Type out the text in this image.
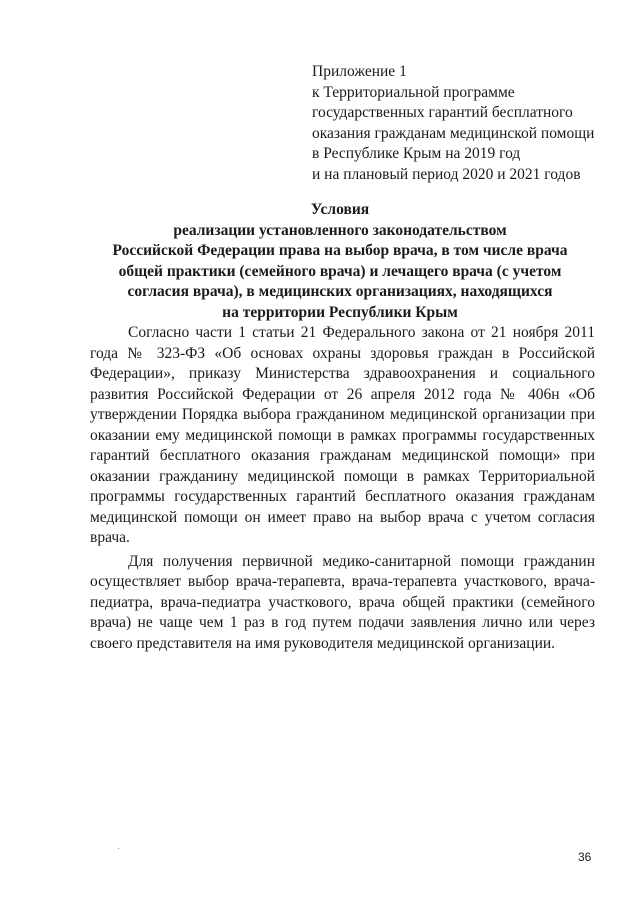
Приложение 1
к Территориальной программе
государственных гарантий бесплатного
оказания гражданам медицинской помощи
в Республике Крым на 2019 год
и на плановый период 2020 и 2021 годов
Условия
реализации установленного законодательством
Российской Федерации права на выбор врача, в том числе врача
общей практики (семейного врача) и лечащего врача (с учетом
согласия врача), в медицинских организациях, находящихся
на территории Республики Крым

Согласно части 1 статьи 21 Федерального закона от 21 ноября 2011 года № 323-ФЗ «Об основах охраны здоровья граждан в Российской Федерации», приказу Министерства здравоохранения и социального развития Российской Федерации от 26 апреля 2012 года № 406н «Об утверждении Порядка выбора гражданином медицинской организации при оказании ему медицинской помощи в рамках программы государственных гарантий бесплатного оказания гражданам медицинской помощи» при оказании гражданину медицинской помощи в рамках Территориальной программы государственных гарантий бесплатного оказания гражданам медицинской помощи он имеет право на выбор врача с учетом согласия врача.

Для получения первичной медико-санитарной помощи гражданин осуществляет выбор врача-терапевта, врача-терапевта участкового, врача-педиатра, врача-педиатра участкового, врача общей практики (семейного врача) не чаще чем 1 раз в год путем подачи заявления лично или через своего представителя на имя руководителя медицинской организации.

36
